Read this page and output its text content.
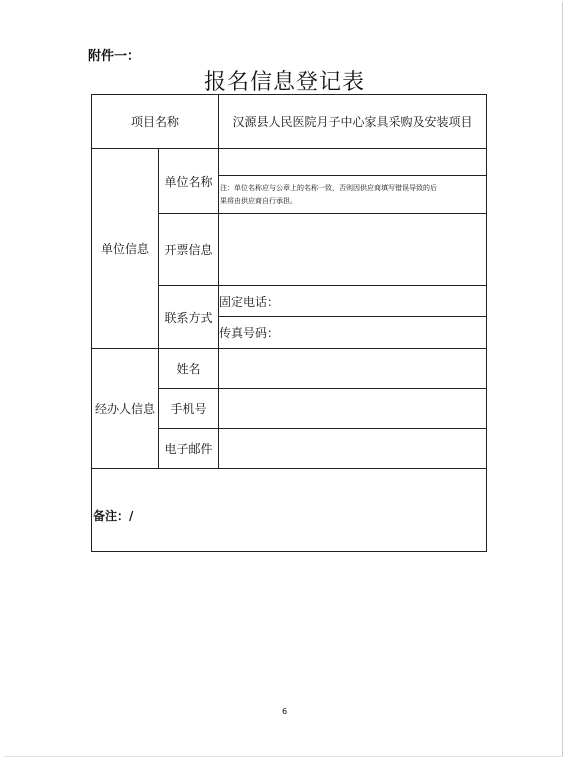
附件一：
报名信息登记表
项目名称	汉源县人民医院月子中心家具采购及安装项目
单位信息
单位名称	注：单位名称应与公章上的名称一致，否则因供应商填写错误导致的后
果将由供应商自行承担。
开票信息
联系方式
固定电话：
传真号码：
经办人信息
姓名
手机号
电子邮件
备注：/
6
